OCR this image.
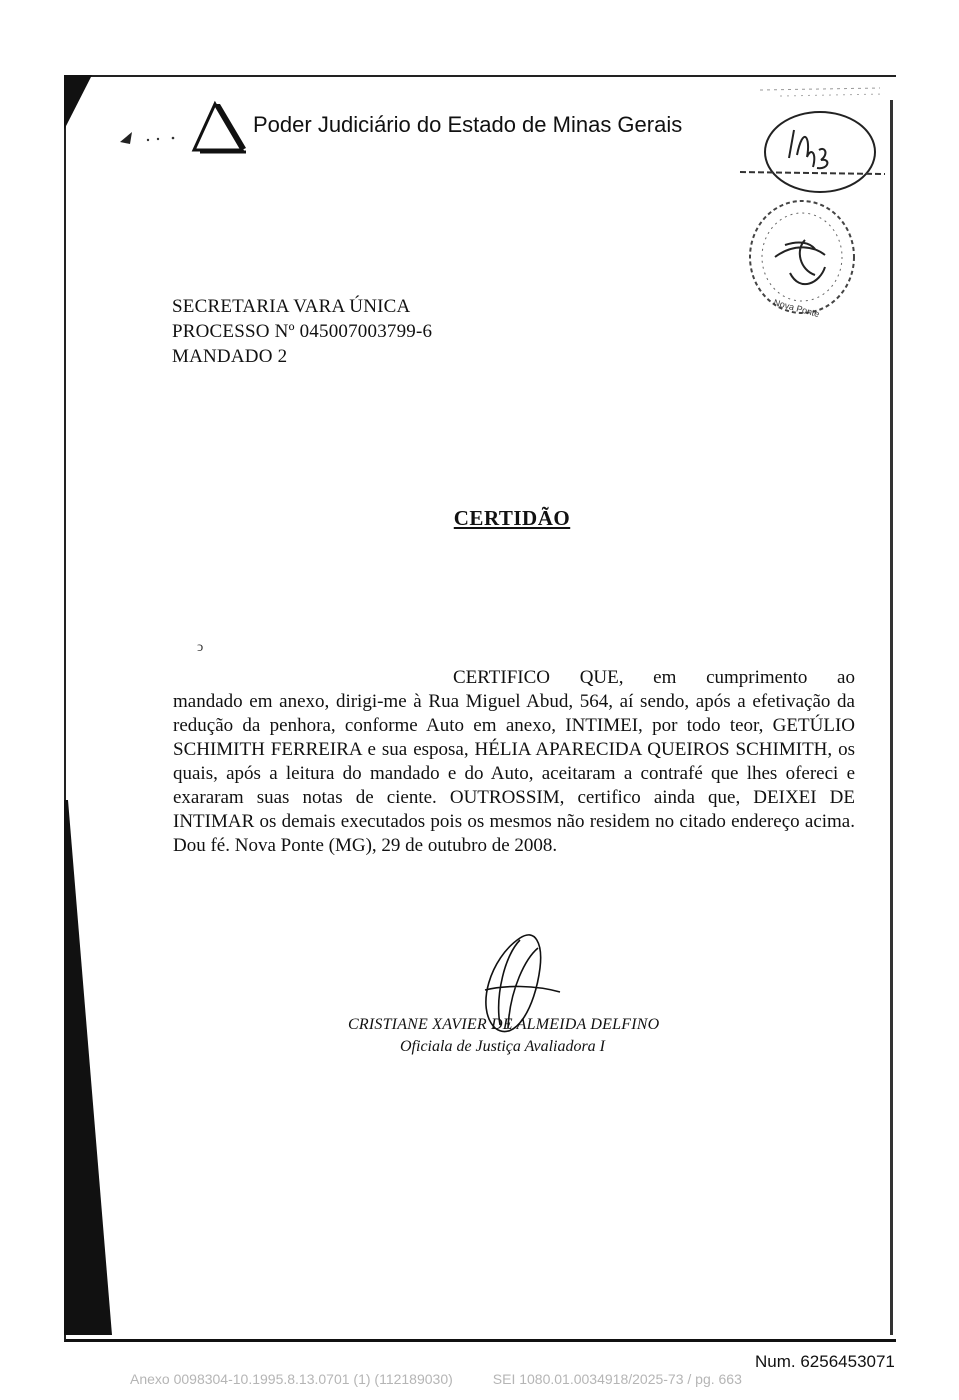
Poder Judiciário do Estado de Minas Gerais
463
Nova Ponte
SECRETARIA VARA ÚNICA
PROCESSO Nº 045007003799-6
MANDADO 2
CERTIDÃO
ↄ
CERTIFICO QUE, em cumprimento ao
mandado em anexo, dirigi-me à Rua Miguel Abud, 564, aí sendo, após a efetivação da redução da penhora, conforme Auto em anexo, INTIMEI, por todo teor, GETÚLIO SCHIMITH FERREIRA e sua esposa, HÉLIA APARECIDA QUEIROS SCHIMITH, os quais, após a leitura do mandado e do Auto, aceitaram a contrafé que lhes ofereci e exararam suas notas de ciente. OUTROSSIM, certifico ainda que, DEIXEI DE INTIMAR os demais executados pois os mesmos não residem no citado endereço acima. Dou fé. Nova Ponte (MG), 29 de outubro de 2008.
CRISTIANE XAVIER DE ALMEIDA DELFINO
Oficiala de Justiça Avaliadora I
Num. 6256453071
Anexo 0098304-10.1995.8.13.0701 (1) (112189030)	SEI 1080.01.0034918/2025-73 / pg. 663
